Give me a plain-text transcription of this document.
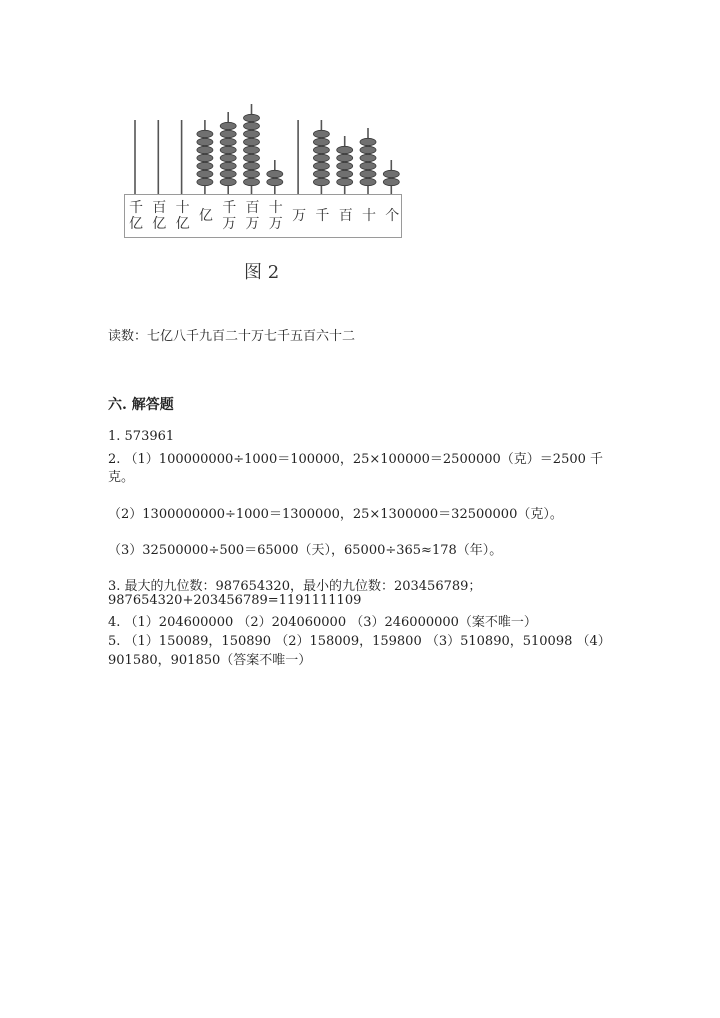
千亿
百亿
十亿 亿 千万
百万
十万 万 千 百 十 个
图 2
读数：七亿八千九百二十万七千五百六十二
六. 解答题
1. 573961
2. （1）100000000÷1000＝100000，25×100000＝2500000（克）＝2500 千
克。
（2）1300000000÷1000＝1300000，25×1300000＝32500000（克）。
（3）32500000÷500＝65000（天），65000÷365≈178（年）。
3. 最大的九位数：987654320，最小的九位数：203456789；
987654320+203456789=1191111109
4. （1）204600000 （2）204060000 （3）246000000（案不唯一）
5. （1）150089，150890 （2）158009，159800 （3）510890，510098 （4）
901580，901850（答案不唯一）
